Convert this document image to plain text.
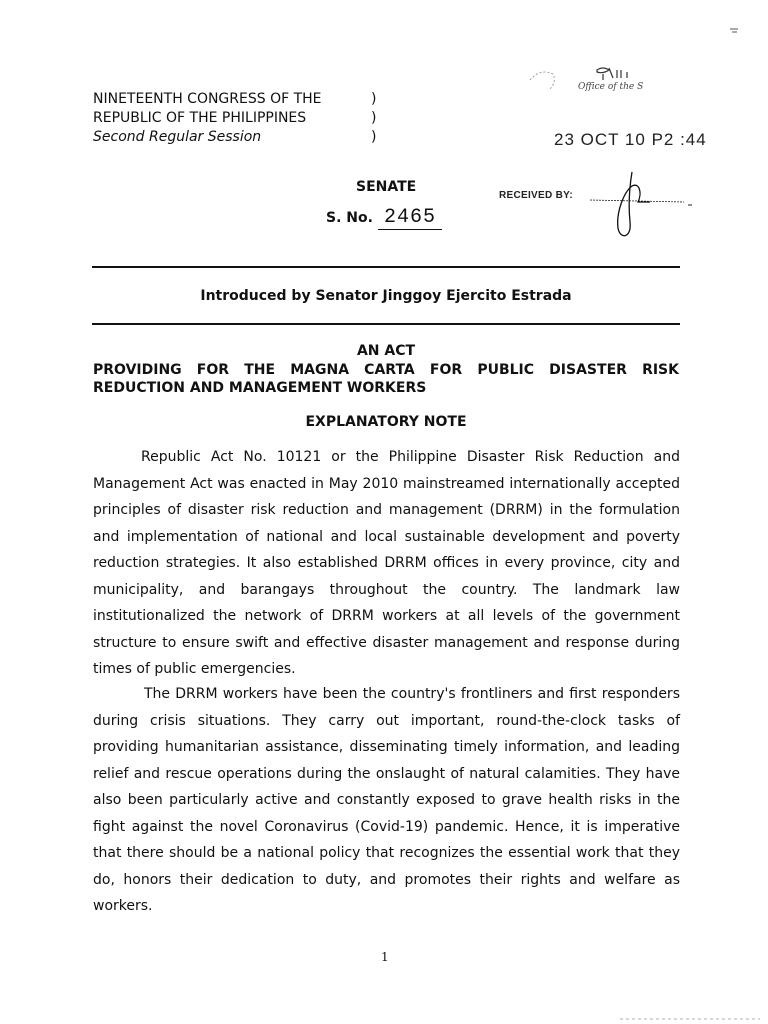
NINETEENTH CONGRESS OF THE
REPUBLIC OF THE PHILIPPINES
Second Regular Session
)
)
)
Office of the S
23 OCT 10 P2 :44
RECEIVED BY:
SENATE
S. No. 2465
Introduced by Senator Jinggoy Ejercito Estrada
AN ACT
PROVIDING FOR THE MAGNA CARTA FOR PUBLIC DISASTER RISK
REDUCTION AND MANAGEMENT WORKERS
EXPLANATORY NOTE
Republic Act No. 10121 or the Philippine Disaster Risk Reduction and Management Act was enacted in May 2010 mainstreamed internationally accepted principles of disaster risk reduction and management (DRRM) in the formulation and implementation of national and local sustainable development and poverty reduction strategies. It also established DRRM offices in every province, city and municipality, and barangays throughout the country. The landmark law institutionalized the network of DRRM workers at all levels of the government structure to ensure swift and effective disaster management and response during times of public emergencies.
The DRRM workers have been the country's frontliners and first responders during crisis situations. They carry out important, round-the-clock tasks of providing humanitarian assistance, disseminating timely information, and leading relief and rescue operations during the onslaught of natural calamities. They have also been particularly active and constantly exposed to grave health risks in the fight against the novel Coronavirus (Covid-19) pandemic. Hence, it is imperative that there should be a national policy that recognizes the essential work that they do, honors their dedication to duty, and promotes their rights and welfare as workers.
1
